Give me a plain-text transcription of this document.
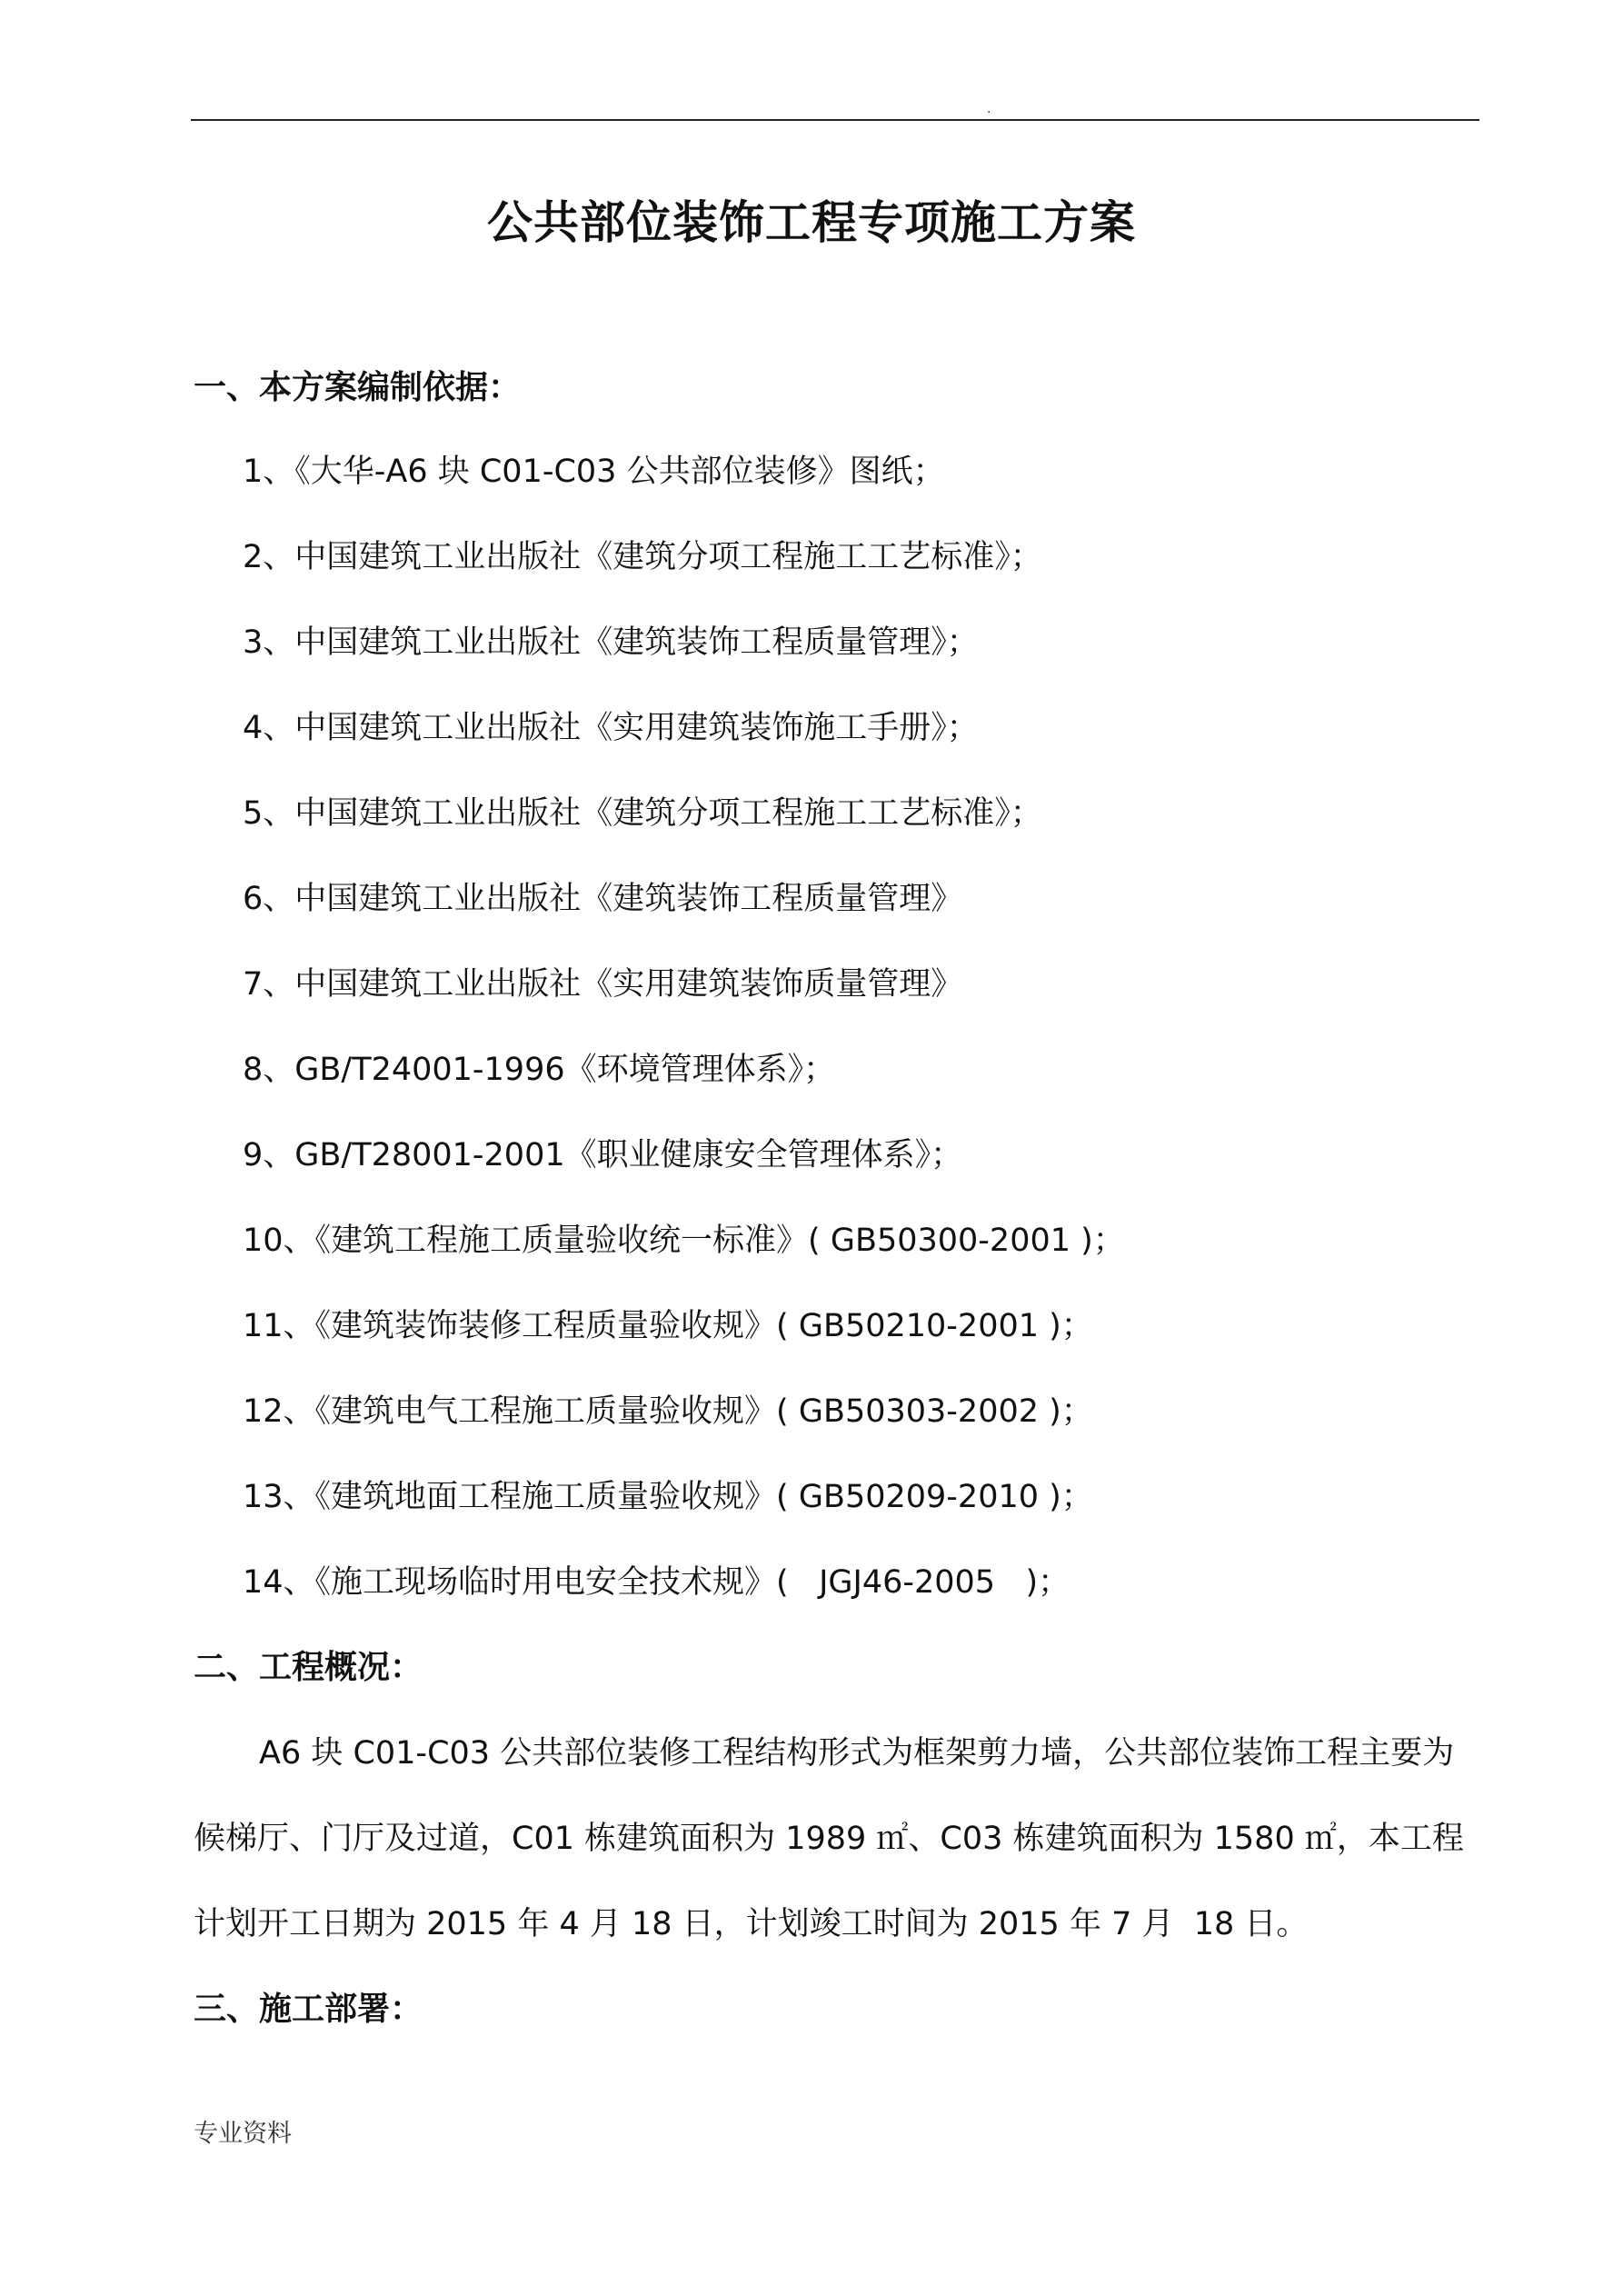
.
公共部位装饰工程专项施工方案
一、本方案编制依据：
1、《大华-A6 块 C01-C03 公共部位装修》图纸；
2、中国建筑工业出版社《建筑分项工程施工工艺标准》；
3、中国建筑工业出版社《建筑装饰工程质量管理》；
4、中国建筑工业出版社《实用建筑装饰施工手册》；
5、中国建筑工业出版社《建筑分项工程施工工艺标准》；
6、中国建筑工业出版社《建筑装饰工程质量管理》
7、中国建筑工业出版社《实用建筑装饰质量管理》
8、GB/T24001-1996《环境管理体系》；
9、GB/T28001-2001《职业健康安全管理体系》；
10、《建筑工程施工质量验收统一标准》( GB50300-2001 )；
11、《建筑装饰装修工程质量验收规》( GB50210-2001 )；
12、《建筑电气工程施工质量验收规》( GB50303-2002 )；
13、《建筑地面工程施工质量验收规》( GB50209-2010 )；
14、《施工现场临时用电安全技术规》(   JGJ46-2005   )；
二、工程概况：
A6 块 C01-C03 公共部位装修工程结构形式为框架剪力墙，公共部位装饰工程主要为
候梯厅、门厅及过道，C01 栋建筑面积为 1989 ㎡、C03 栋建筑面积为 1580 ㎡，本工程
计划开工日期为 2015 年 4 月 18 日，计划竣工时间为 2015 年 7 月  18 日。
三、施工部署：
专业资料
